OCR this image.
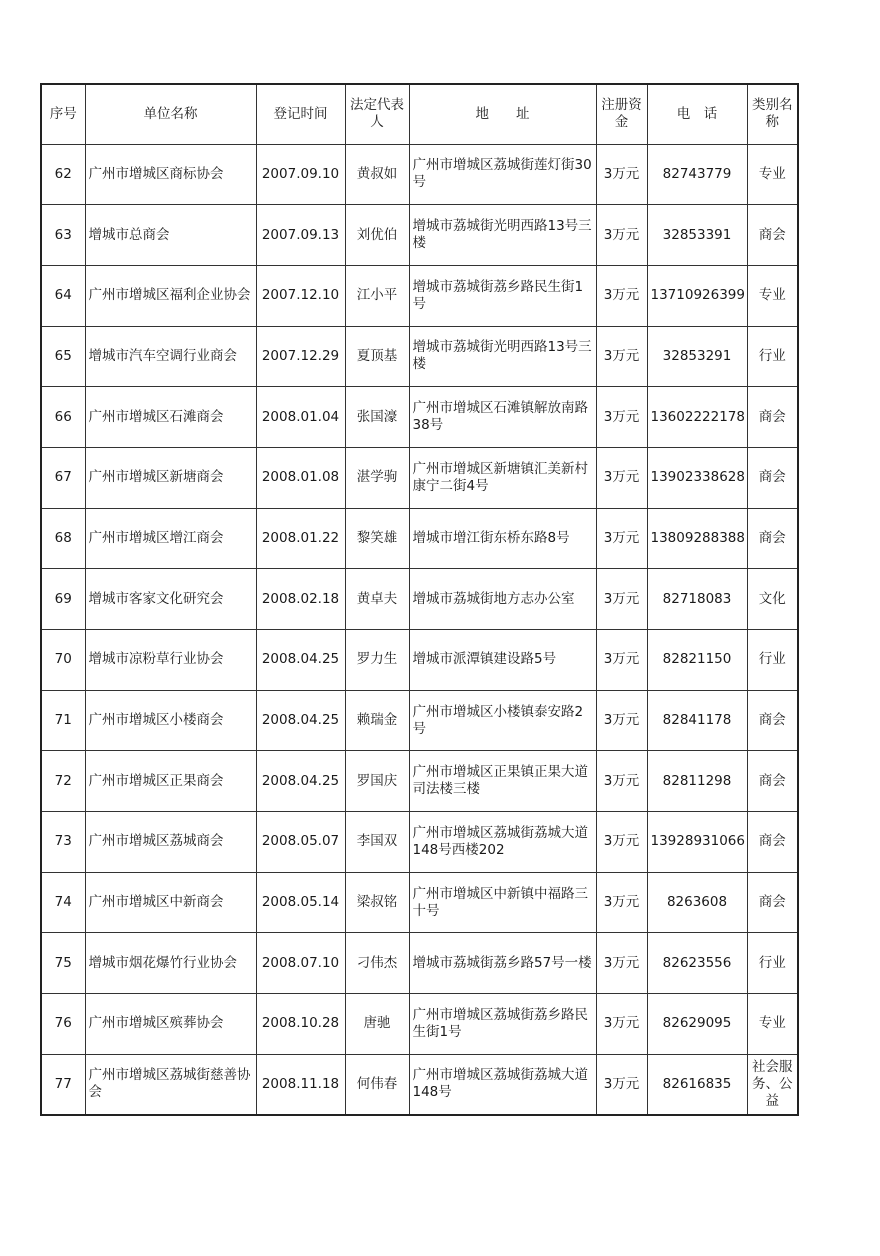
序号	单位名称	登记时间	法定代表人	地　　址	注册资金	电　话	类别名称
62	广州市增城区商标协会	2007.09.10	黄叔如	广州市增城区荔城街莲灯街30号	3万元	82743779	专业
63	增城市总商会	2007.09.13	刘优伯	增城市荔城街光明西路13号三楼	3万元	32853391	商会
64	广州市增城区福利企业协会	2007.12.10	江小平	增城市荔城街荔乡路民生街1号	3万元	13710926399	专业
65	增城市汽车空调行业商会	2007.12.29	夏顶基	增城市荔城街光明西路13号三楼	3万元	32853291	行业
66	广州市增城区石滩商会	2008.01.04	张国濠	广州市增城区石滩镇解放南路38号	3万元	13602222178	商会
67	广州市增城区新塘商会	2008.01.08	湛学驹	广州市增城区新塘镇汇美新村康宁二街4号	3万元	13902338628	商会
68	广州市增城区增江商会	2008.01.22	黎笑雄	增城市增江街东桥东路8号	3万元	13809288388	商会
69	增城市客家文化研究会	2008.02.18	黄卓夫	增城市荔城街地方志办公室	3万元	82718083	文化
70	增城市凉粉草行业协会	2008.04.25	罗力生	增城市派潭镇建设路5号	3万元	82821150	行业
71	广州市增城区小楼商会	2008.04.25	赖瑞金	广州市增城区小楼镇泰安路2号	3万元	82841178	商会
72	广州市增城区正果商会	2008.04.25	罗国庆	广州市增城区正果镇正果大道司法楼三楼	3万元	82811298	商会
73	广州市增城区荔城商会	2008.05.07	李国双	广州市增城区荔城街荔城大道148号西楼202	3万元	13928931066	商会
74	广州市增城区中新商会	2008.05.14	梁叔铭	广州市增城区中新镇中福路三十号	3万元	8263608	商会
75	增城市烟花爆竹行业协会	2008.07.10	刁伟杰	增城市荔城街荔乡路57号一楼	3万元	82623556	行业
76	广州市增城区殡葬协会	2008.10.28	唐驰	广州市增城区荔城街荔乡路民生街1号	3万元	82629095	专业
77	广州市增城区荔城街慈善协会	2008.11.18	何伟春	广州市增城区荔城街荔城大道148号	3万元	82616835	社会服务、公益
